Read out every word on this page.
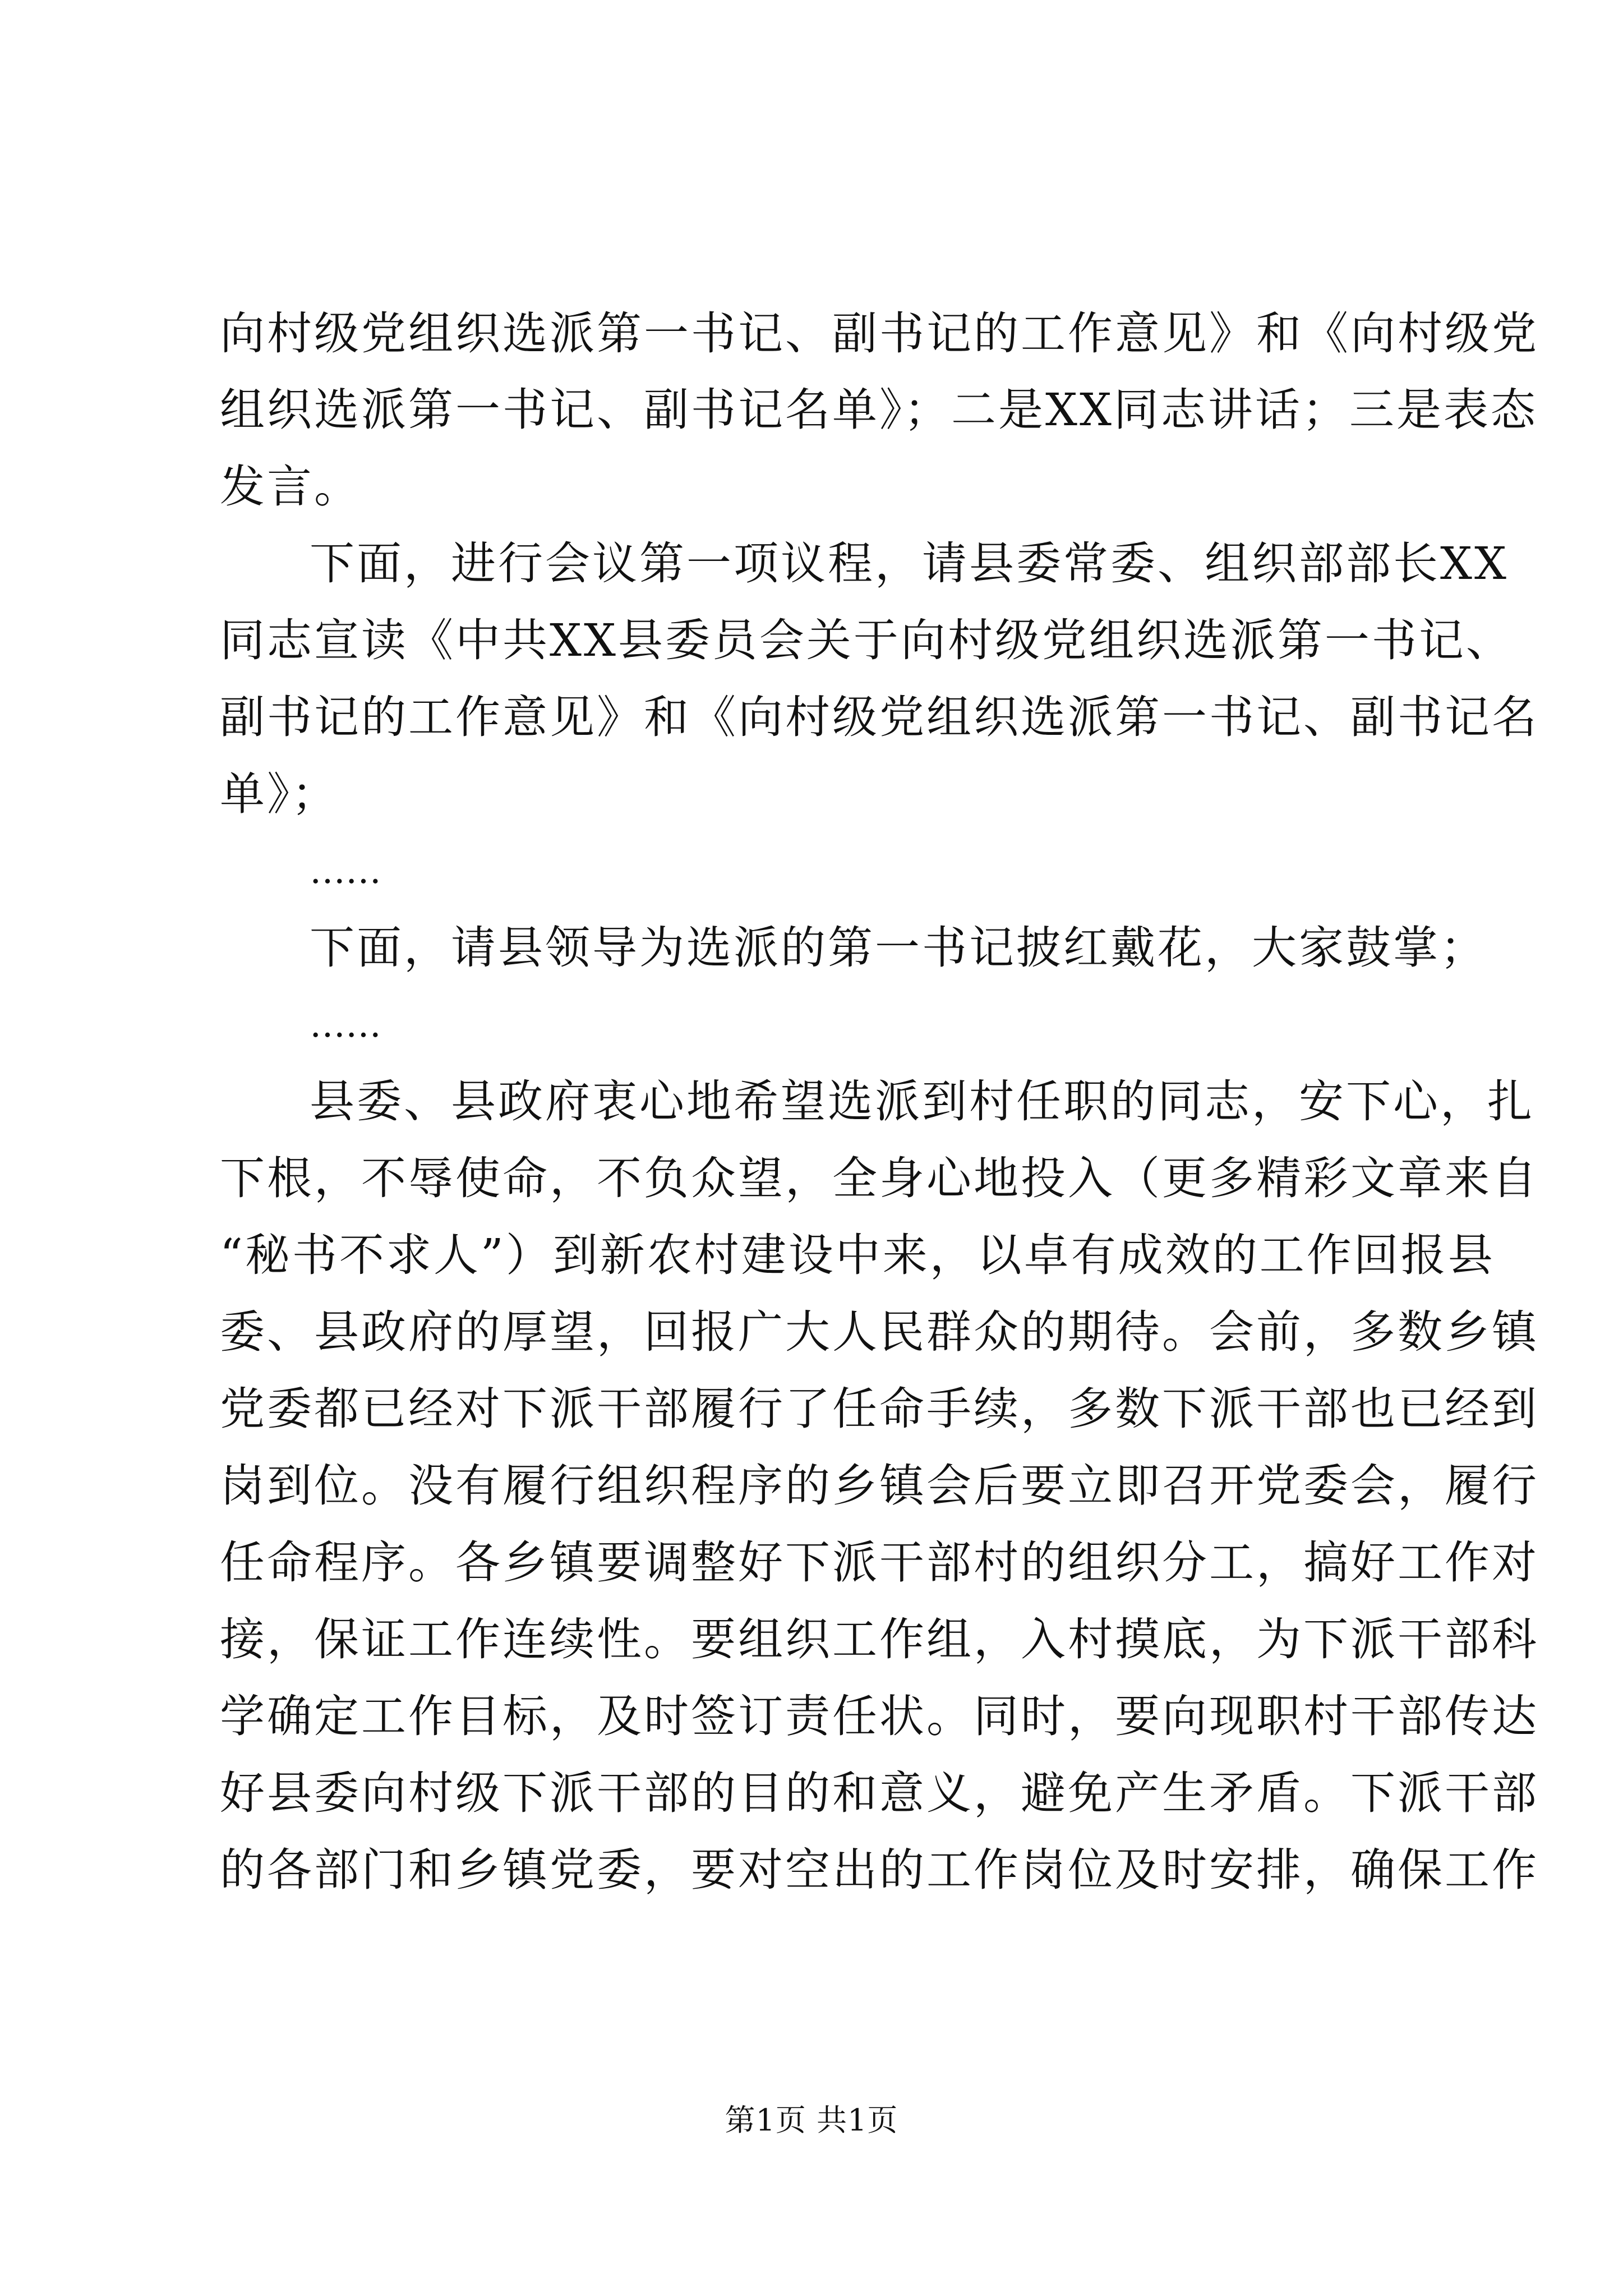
向村级党组织选派第一书记、副书记的工作意见》和《向村级党
组织选派第一书记、副书记名单》；二是XX同志讲话；三是表态
发言。
下面，进行会议第一项议程，请县委常委、组织部部长XX
同志宣读《中共XX县委员会关于向村级党组织选派第一书记、
副书记的工作意见》和《向村级党组织选派第一书记、副书记名
单》；
……
下面，请县领导为选派的第一书记披红戴花，大家鼓掌；
……
县委、县政府衷心地希望选派到村任职的同志，安下心，扎
下根，不辱使命，不负众望，全身心地投入（更多精彩文章来自
“秘书不求人”）到新农村建设中来，以卓有成效的工作回报县
委、县政府的厚望，回报广大人民群众的期待。会前，多数乡镇
党委都已经对下派干部履行了任命手续，多数下派干部也已经到
岗到位。没有履行组织程序的乡镇会后要立即召开党委会，履行
任命程序。各乡镇要调整好下派干部村的组织分工，搞好工作对
接，保证工作连续性。要组织工作组，入村摸底，为下派干部科
学确定工作目标，及时签订责任状。同时，要向现职村干部传达
好县委向村级下派干部的目的和意义，避免产生矛盾。下派干部
的各部门和乡镇党委，要对空出的工作岗位及时安排，确保工作
第1页 共1页
